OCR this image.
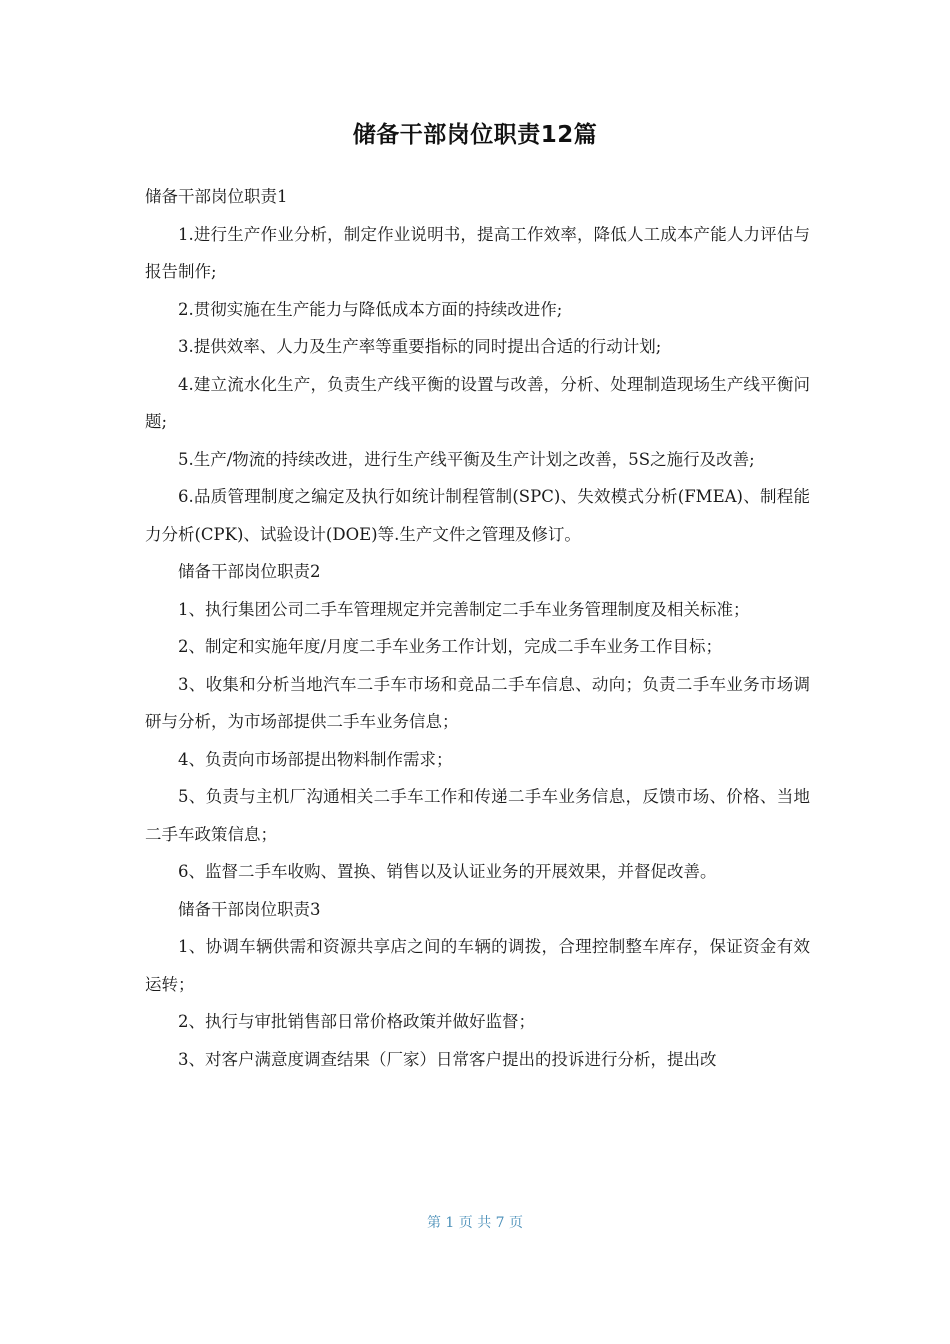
储备干部岗位职责12篇

储备干部岗位职责1

1.进行生产作业分析，制定作业说明书，提高工作效率，降低人工成本产能人力评估与报告制作;

2.贯彻实施在生产能力与降低成本方面的持续改进作;

3.提供效率、人力及生产率等重要指标的同时提出合适的行动计划;

4.建立流水化生产，负责生产线平衡的设置与改善，分析、处理制造现场生产线平衡问题;

5.生产/物流的持续改进，进行生产线平衡及生产计划之改善，5S之施行及改善;

6.品质管理制度之编定及执行如统计制程管制(SPC)、失效模式分析(FMEA)、制程能力分析(CPK)、试验设计(DOE)等.生产文件之管理及修订。

储备干部岗位职责2

1、执行集团公司二手车管理规定并完善制定二手车业务管理制度及相关标准；

2、制定和实施年度/月度二手车业务工作计划，完成二手车业务工作目标；

3、收集和分析当地汽车二手车市场和竞品二手车信息、动向；负责二手车业务市场调研与分析，为市场部提供二手车业务信息；

4、负责向市场部提出物料制作需求；

5、负责与主机厂沟通相关二手车工作和传递二手车业务信息，反馈市场、价格、当地二手车政策信息；

6、监督二手车收购、置换、销售以及认证业务的开展效果，并督促改善。

储备干部岗位职责3

1、协调车辆供需和资源共享店之间的车辆的调拨，合理控制整车库存，保证资金有效运转；

2、执行与审批销售部日常价格政策并做好监督；

3、对客户满意度调查结果（厂家）日常客户提出的投诉进行分析，提出改

第 1 页 共 7 页
